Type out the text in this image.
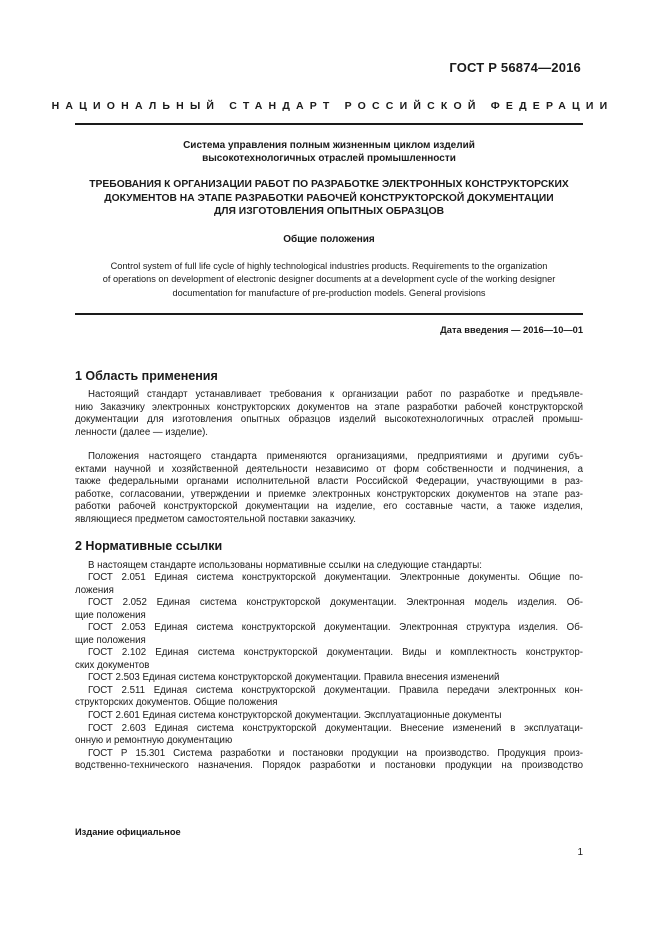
ГОСТ Р 56874—2016
НАЦИОНАЛЬНЫЙ СТАНДАРТ РОССИЙСКОЙ ФЕДЕРАЦИИ
Система управления полным жизненным циклом изделий
высокотехнологичных отраслей промышленности
ТРЕБОВАНИЯ К ОРГАНИЗАЦИИ РАБОТ ПО РАЗРАБОТКЕ ЭЛЕКТРОННЫХ КОНСТРУКТОРСКИХ
ДОКУМЕНТОВ НА ЭТАПЕ РАЗРАБОТКИ РАБОЧЕЙ КОНСТРУКТОРСКОЙ ДОКУМЕНТАЦИИ
ДЛЯ ИЗГОТОВЛЕНИЯ ОПЫТНЫХ ОБРАЗЦОВ
Общие положения
Control system of full life cycle of highly technological industries products. Requirements to the organization
of operations on development of electronic designer documents at a development cycle of the working designer
documentation for manufacture of pre-production models. General provisions
Дата введения — 2016—10—01
1 Область применения
Настоящий стандарт устанавливает требования к организации работ по разработке и предъявле-
нию Заказчику электронных конструкторских документов на этапе разработки рабочей конструкторской
документации для изготовления опытных образцов изделий высокотехнологичных отраслей промыш-
ленности (далее — изделие).
Положения настоящего стандарта применяются организациями, предприятиями и другими субъ-
ектами научной и хозяйственной деятельности независимо от форм собственности и подчинения, а
также федеральными органами исполнительной власти Российской Федерации, участвующими в раз-
работке, согласовании, утверждении и приемке электронных конструкторских документов на этапе раз-
работки рабочей конструкторской документации на изделие, его составные части, а также изделия,
являющиеся предметом самостоятельной поставки заказчику.
2 Нормативные ссылки
В настоящем стандарте использованы нормативные ссылки на следующие стандарты:
ГОСТ 2.051 Единая система конструкторской документации. Электронные документы. Общие по-
ложения
ГОСТ 2.052 Единая система конструкторской документации. Электронная модель изделия. Об-
щие положения
ГОСТ 2.053 Единая система конструкторской документации. Электронная структура изделия. Об-
щие положения
ГОСТ 2.102 Единая система конструкторской документации. Виды и комплектность конструктор-
ских документов
ГОСТ 2.503 Единая система конструкторской документации. Правила внесения изменений
ГОСТ 2.511 Единая система конструкторской документации. Правила передачи электронных кон-
структорских документов. Общие положения
ГОСТ 2.601 Единая система конструкторской документации. Эксплуатационные документы
ГОСТ 2.603 Единая система конструкторской документации. Внесение изменений в эксплуатаци-
онную и ремонтную документацию
ГОСТ Р 15.301 Система разработки и постановки продукции на производство. Продукция произ-
водственно-технического назначения. Порядок разработки и постановки продукции на производство
Издание официальное
1
